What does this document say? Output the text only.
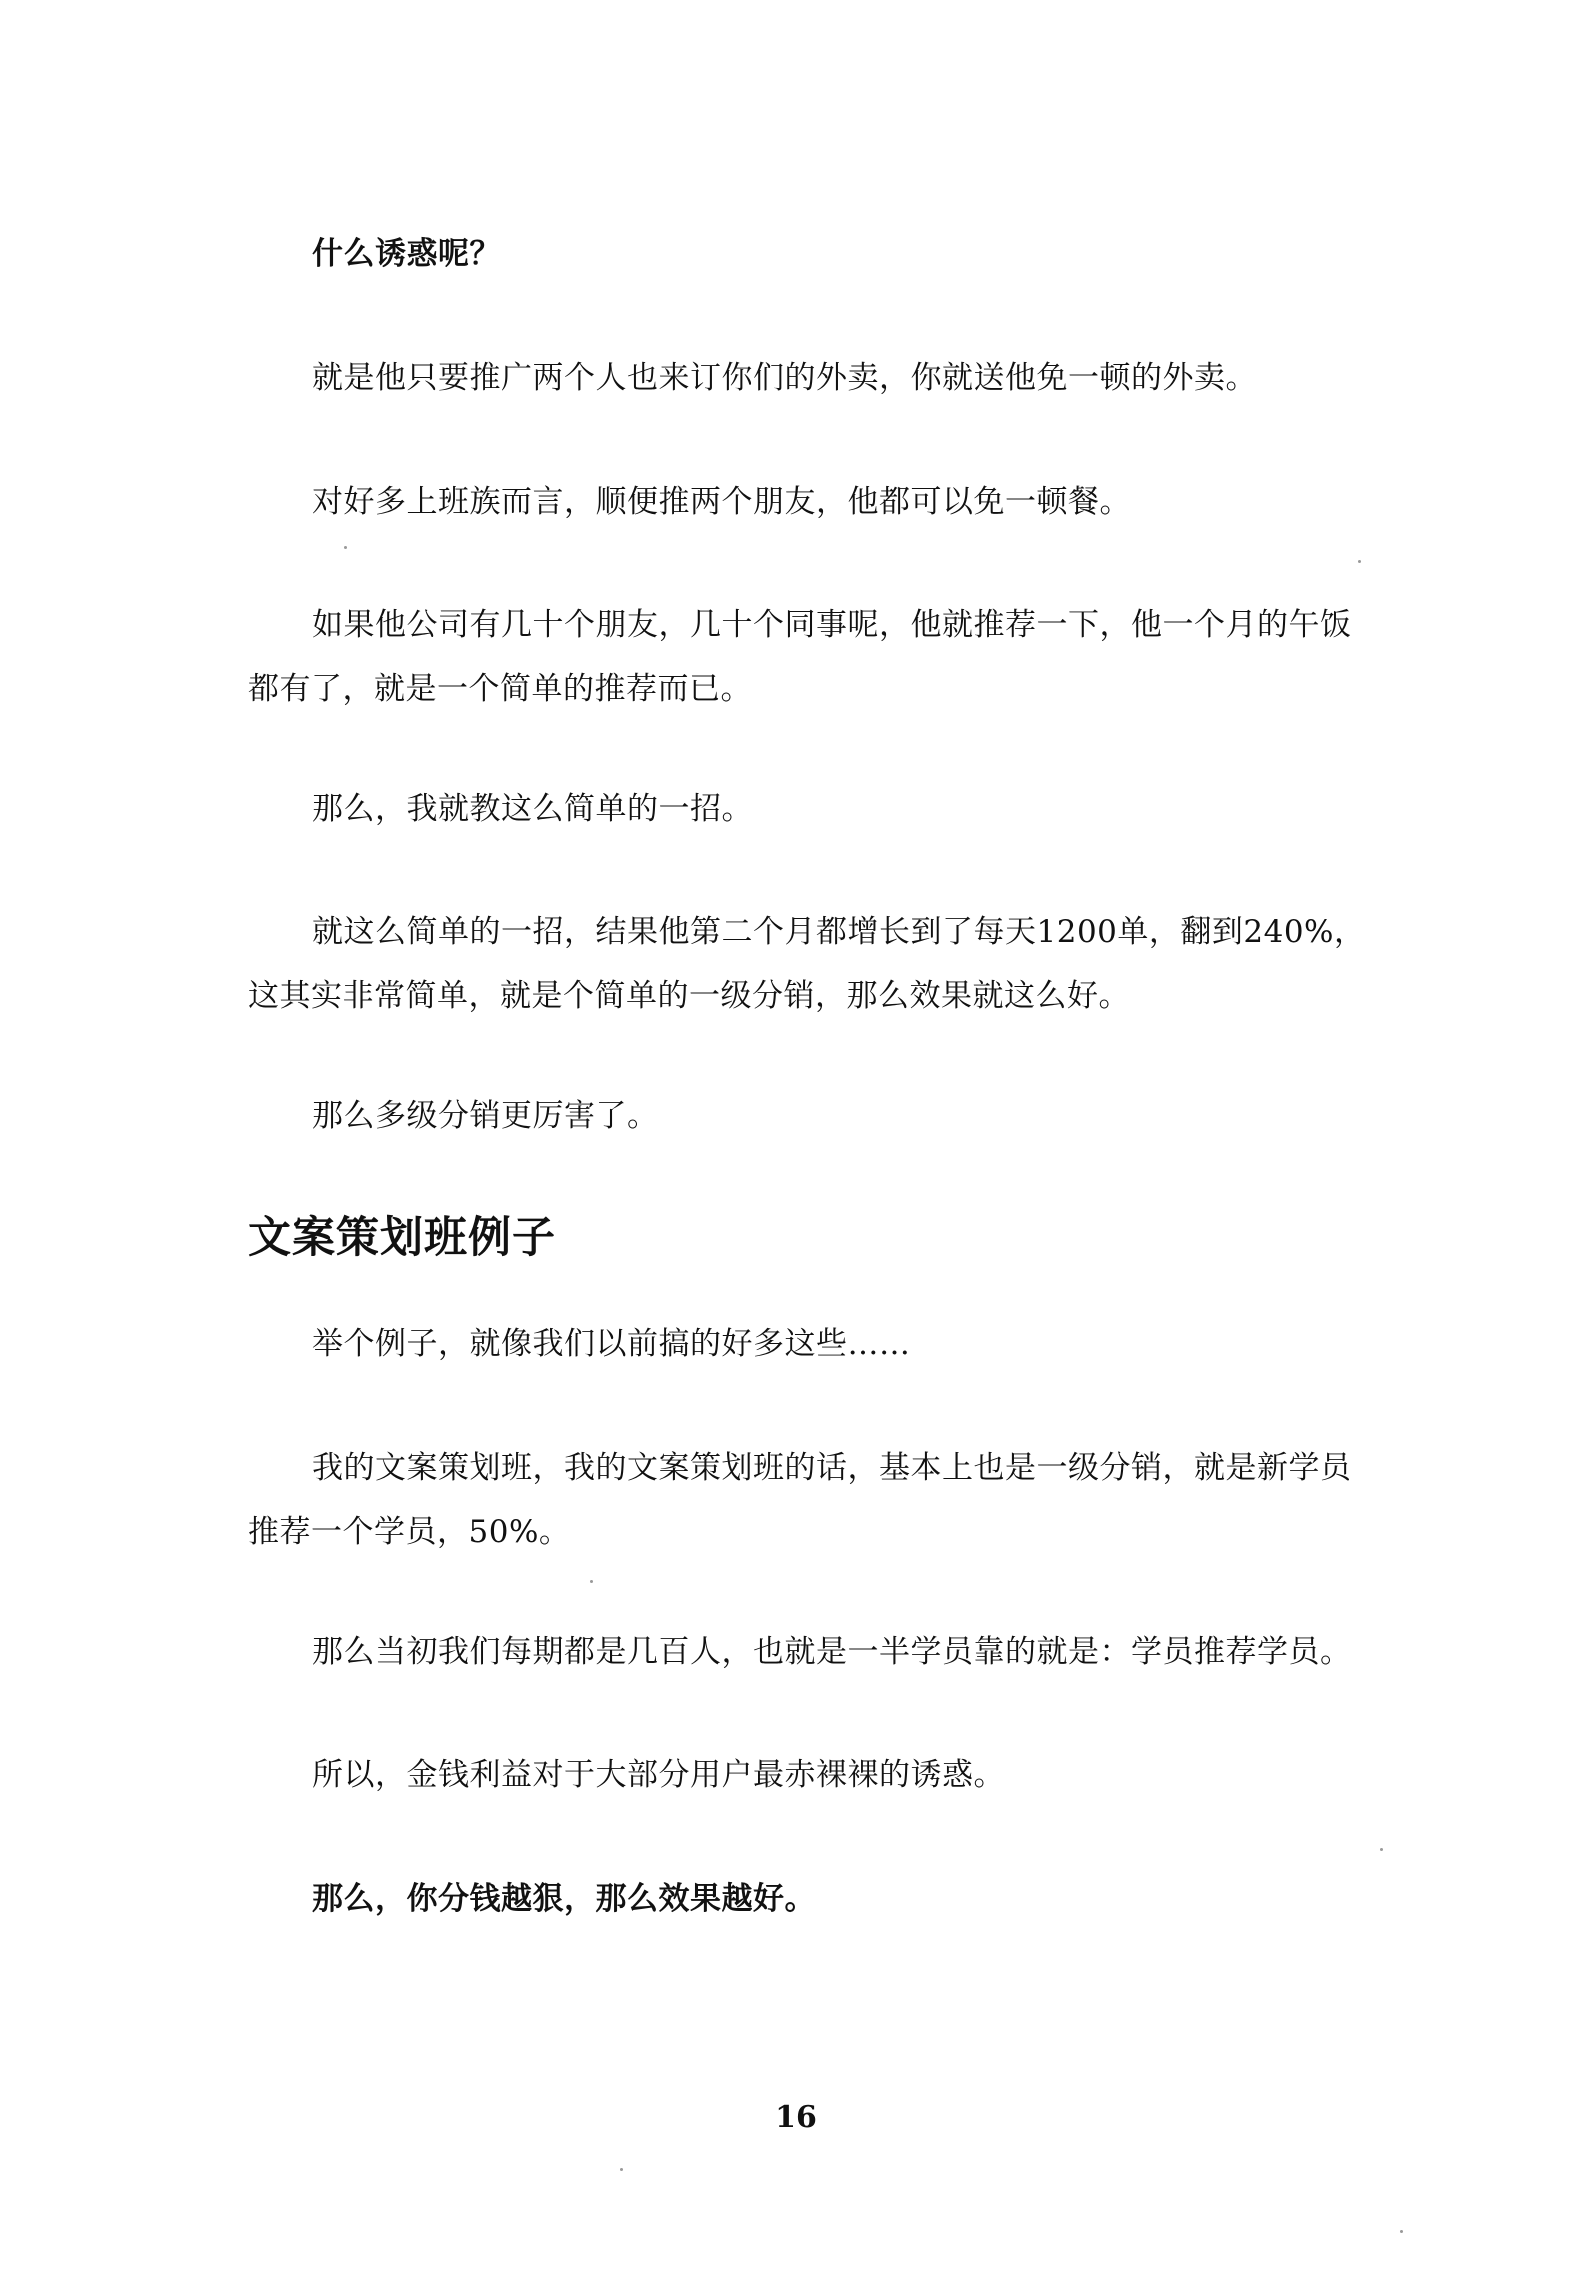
什么诱惑呢？

就是他只要推广两个人也来订你们的外卖，你就送他免一顿的外卖。

对好多上班族而言，顺便推两个朋友，他都可以免一顿餐。

如果他公司有几十个朋友，几十个同事呢，他就推荐一下，他一个月的午饭都有了，就是一个简单的推荐而已。

那么，我就教这么简单的一招。

就这么简单的一招，结果他第二个月都增长到了每天1200单，翻到240%，这其实非常简单，就是个简单的一级分销，那么效果就这么好。

那么多级分销更厉害了。

文案策划班例子

举个例子，就像我们以前搞的好多这些……

我的文案策划班，我的文案策划班的话，基本上也是一级分销，就是新学员推荐一个学员，50%。

那么当初我们每期都是几百人，也就是一半学员靠的就是：学员推荐学员。

所以，金钱利益对于大部分用户最赤裸裸的诱惑。

那么，你分钱越狠，那么效果越好。

16
